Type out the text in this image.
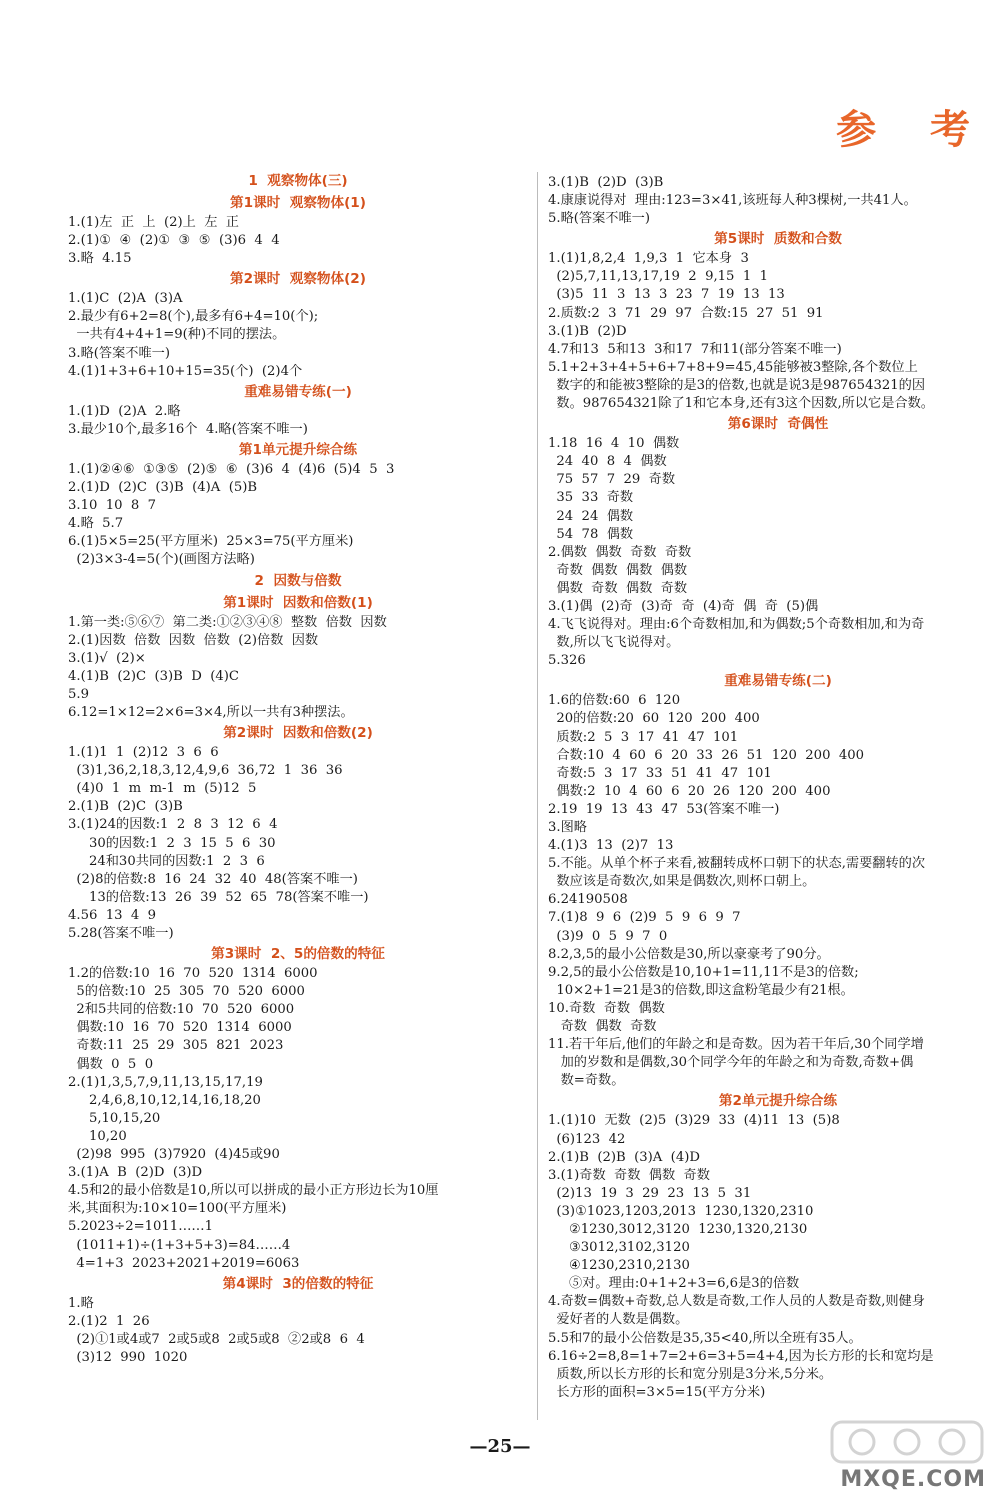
参 考
1  观察物体(三)
第1课时  观察物体(1)
1.(1)左  正  上  (2)上  左  正
2.(1)①  ④  (2)①  ③  ⑤  (3)6  4  4
3.略  4.15
第2课时  观察物体(2)
1.(1)C  (2)A  (3)A
2.最少有6+2=8(个),最多有6+4=10(个);
一共有4+4+1=9(种)不同的摆法。
3.略(答案不唯一)
4.(1)1+3+6+10+15=35(个)  (2)4个
重难易错专练(一)
1.(1)D  (2)A  2.略
3.最少10个,最多16个  4.略(答案不唯一)
第1单元提升综合练
1.(1)②④⑥  ①③⑤  (2)⑤  ⑥  (3)6  4  (4)6  (5)4  5  3
2.(1)D  (2)C  (3)B  (4)A  (5)B
3.10  10  8  7
4.略  5.7
6.(1)5×5=25(平方厘米)  25×3=75(平方厘米)
(2)3×3-4=5(个)(画图方法略)
2  因数与倍数
第1课时  因数和倍数(1)
1.第一类:⑤⑥⑦  第二类:①②③④⑧  整数  倍数  因数
2.(1)因数  倍数  因数  倍数  (2)倍数  因数
3.(1)√  (2)×
4.(1)B  (2)C  (3)B  D  (4)C
5.9
6.12=1×12=2×6=3×4,所以一共有3种摆法。
第2课时  因数和倍数(2)
1.(1)1  1  (2)12  3  6  6
(3)1,36,2,18,3,12,4,9,6  36,72  1  36  36
(4)0  1  m  m-1  m  (5)12  5
2.(1)B  (2)C  (3)B
3.(1)24的因数:1  2  8  3  12  6  4
30的因数:1  2  3  15  5  6  30
24和30共同的因数:1  2  3  6
(2)8的倍数:8  16  24  32  40  48(答案不唯一)
13的倍数:13  26  39  52  65  78(答案不唯一)
4.56  13  4  9
5.28(答案不唯一)
第3课时  2、5的倍数的特征
1.2的倍数:10  16  70  520  1314  6000
5的倍数:10  25  305  70  520  6000
2和5共同的倍数:10  70  520  6000
偶数:10  16  70  520  1314  6000
奇数:11  25  29  305  821  2023
偶数  0  5  0
2.(1)1,3,5,7,9,11,13,15,17,19
2,4,6,8,10,12,14,16,18,20
5,10,15,20
10,20
(2)98  995  (3)7920  (4)45或90
3.(1)A  B  (2)D  (3)D
4.5和2的最小倍数是10,所以可以拼成的最小正方形边长为10厘
米,其面积为:10×10=100(平方厘米)
5.2023÷2=1011……1
(1011+1)÷(1+3+5+3)=84……4
4=1+3  2023+2021+2019=6063
第4课时  3的倍数的特征
1.略
2.(1)2  1  26
(2)①1或4或7  2或5或8  2或5或8  ②2或8  6  4
(3)12  990  1020
3.(1)B  (2)D  (3)B
4.康康说得对  理由:123=3×41,该班每人种3棵树,一共41人。
5.略(答案不唯一)
第5课时  质数和合数
1.(1)1,8,2,4  1,9,3  1  它本身  3
(2)5,7,11,13,17,19  2  9,15  1  1
(3)5  11  3  13  3  23  7  19  13  13
2.质数:2  3  71  29  97  合数:15  27  51  91
3.(1)B  (2)D
4.7和13  5和13  3和17  7和11(部分答案不唯一)
5.1+2+3+4+5+6+7+8+9=45,45能够被3整除,各个数位上
数字的和能被3整除的是3的倍数,也就是说3是987654321的因
数。987654321除了1和它本身,还有3这个因数,所以它是合数。
第6课时  奇偶性
1.18  16  4  10  偶数
24  40  8  4  偶数
75  57  7  29  奇数
35  33  奇数
24  24  偶数
54  78  偶数
2.偶数  偶数  奇数  奇数
奇数  偶数  偶数  偶数
偶数  奇数  偶数  奇数
3.(1)偶  (2)奇  (3)奇  奇  (4)奇  偶  奇  (5)偶
4.飞飞说得对。理由:6个奇数相加,和为偶数;5个奇数相加,和为奇
数,所以飞飞说得对。
5.326
重难易错专练(二)
1.6的倍数:60  6  120
20的倍数:20  60  120  200  400
质数:2  5  3  17  41  47  101
合数:10  4  60  6  20  33  26  51  120  200  400
奇数:5  3  17  33  51  41  47  101
偶数:2  10  4  60  6  20  26  120  200  400
2.19  19  13  43  47  53(答案不唯一)
3.图略
4.(1)3  13  (2)7  13
5.不能。从单个杯子来看,被翻转成杯口朝下的状态,需要翻转的次
数应该是奇数次,如果是偶数次,则杯口朝上。
6.24190508
7.(1)8  9  6  (2)9  5  9  6  9  7
(3)9  0  5  9  7  0
8.2,3,5的最小公倍数是30,所以豪豪考了90分。
9.2,5的最小公倍数是10,10+1=11,11不是3的倍数;
10×2+1=21是3的倍数,即这盒粉笔最少有21根。
10.奇数  奇数  偶数
奇数  偶数  奇数
11.若干年后,他们的年龄之和是奇数。因为若干年后,30个同学增
加的岁数和是偶数,30个同学今年的年龄之和为奇数,奇数+偶
数=奇数。
第2单元提升综合练
1.(1)10  无数  (2)5  (3)29  33  (4)11  13  (5)8
(6)123  42
2.(1)B  (2)B  (3)A  (4)D
3.(1)奇数  奇数  偶数  奇数
(2)13  19  3  29  23  13  5  31
(3)①1023,1203,2013  1230,1320,2310
②1230,3012,3120  1230,1320,2130
③3012,3102,3120
④1230,2310,2130
⑤对。理由:0+1+2+3=6,6是3的倍数
4.奇数=偶数+奇数,总人数是奇数,工作人员的人数是奇数,则健身
爱好者的人数是偶数。
5.5和7的最小公倍数是35,35<40,所以全班有35人。
6.16÷2=8,8=1+7=2+6=3+5=4+4,因为长方形的长和宽均是
质数,所以长方形的长和宽分别是3分米,5分米。
长方形的面积=3×5=15(平方分米)
—25—
MXQE.COM
